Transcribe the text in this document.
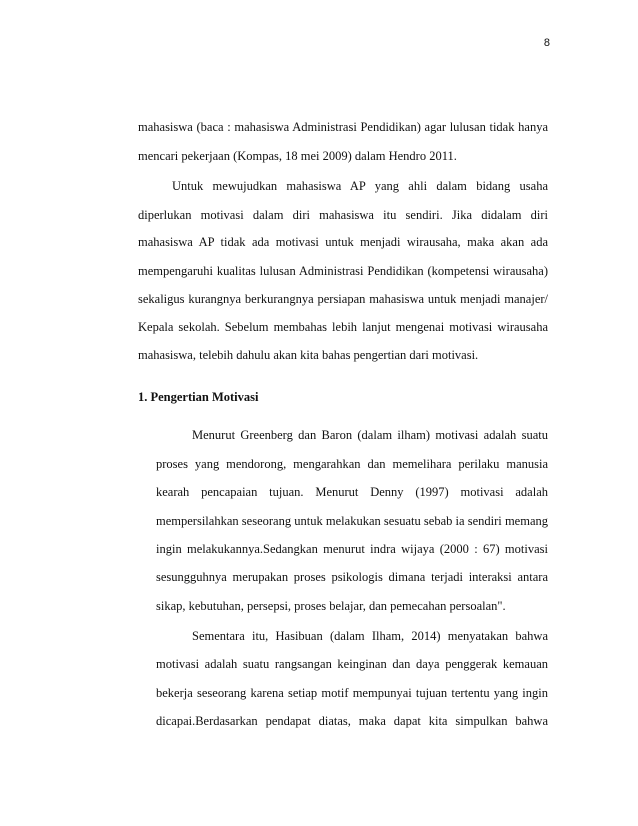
8
mahasiswa (baca : mahasiswa Administrasi Pendidikan) agar lulusan tidak hanya
mencari pekerjaan (Kompas, 18 mei 2009) dalam Hendro 2011.
Untuk mewujudkan mahasiswa AP yang ahli dalam bidang usaha
diperlukan motivasi dalam diri mahasiswa itu sendiri. Jika didalam diri
mahasiswa AP tidak ada motivasi untuk menjadi wirausaha, maka akan ada
mempengaruhi kualitas lulusan Administrasi Pendidikan (kompetensi wirausaha)
sekaligus kurangnya berkurangnya persiapan mahasiswa untuk menjadi manajer/
Kepala sekolah. Sebelum membahas lebih lanjut mengenai motivasi wirausaha
mahasiswa, telebih dahulu akan kita bahas pengertian dari motivasi.
1. Pengertian Motivasi
Menurut Greenberg dan Baron (dalam ilham) motivasi adalah suatu
proses yang mendorong, mengarahkan dan memelihara perilaku manusia
kearah pencapaian tujuan. Menurut Denny (1997) motivasi adalah
mempersilahkan seseorang untuk melakukan sesuatu sebab ia sendiri memang
ingin melakukannya.Sedangkan menurut indra wijaya (2000 : 67) motivasi
sesungguhnya merupakan proses psikologis dimana terjadi interaksi antara
sikap, kebutuhan, persepsi, proses belajar, dan pemecahan persoalan".
Sementara itu, Hasibuan (dalam Ilham, 2014) menyatakan bahwa
motivasi adalah suatu rangsangan keinginan dan daya penggerak kemauan
bekerja seseorang karena setiap motif mempunyai tujuan tertentu yang ingin
dicapai.Berdasarkan pendapat diatas, maka dapat kita simpulkan bahwa
